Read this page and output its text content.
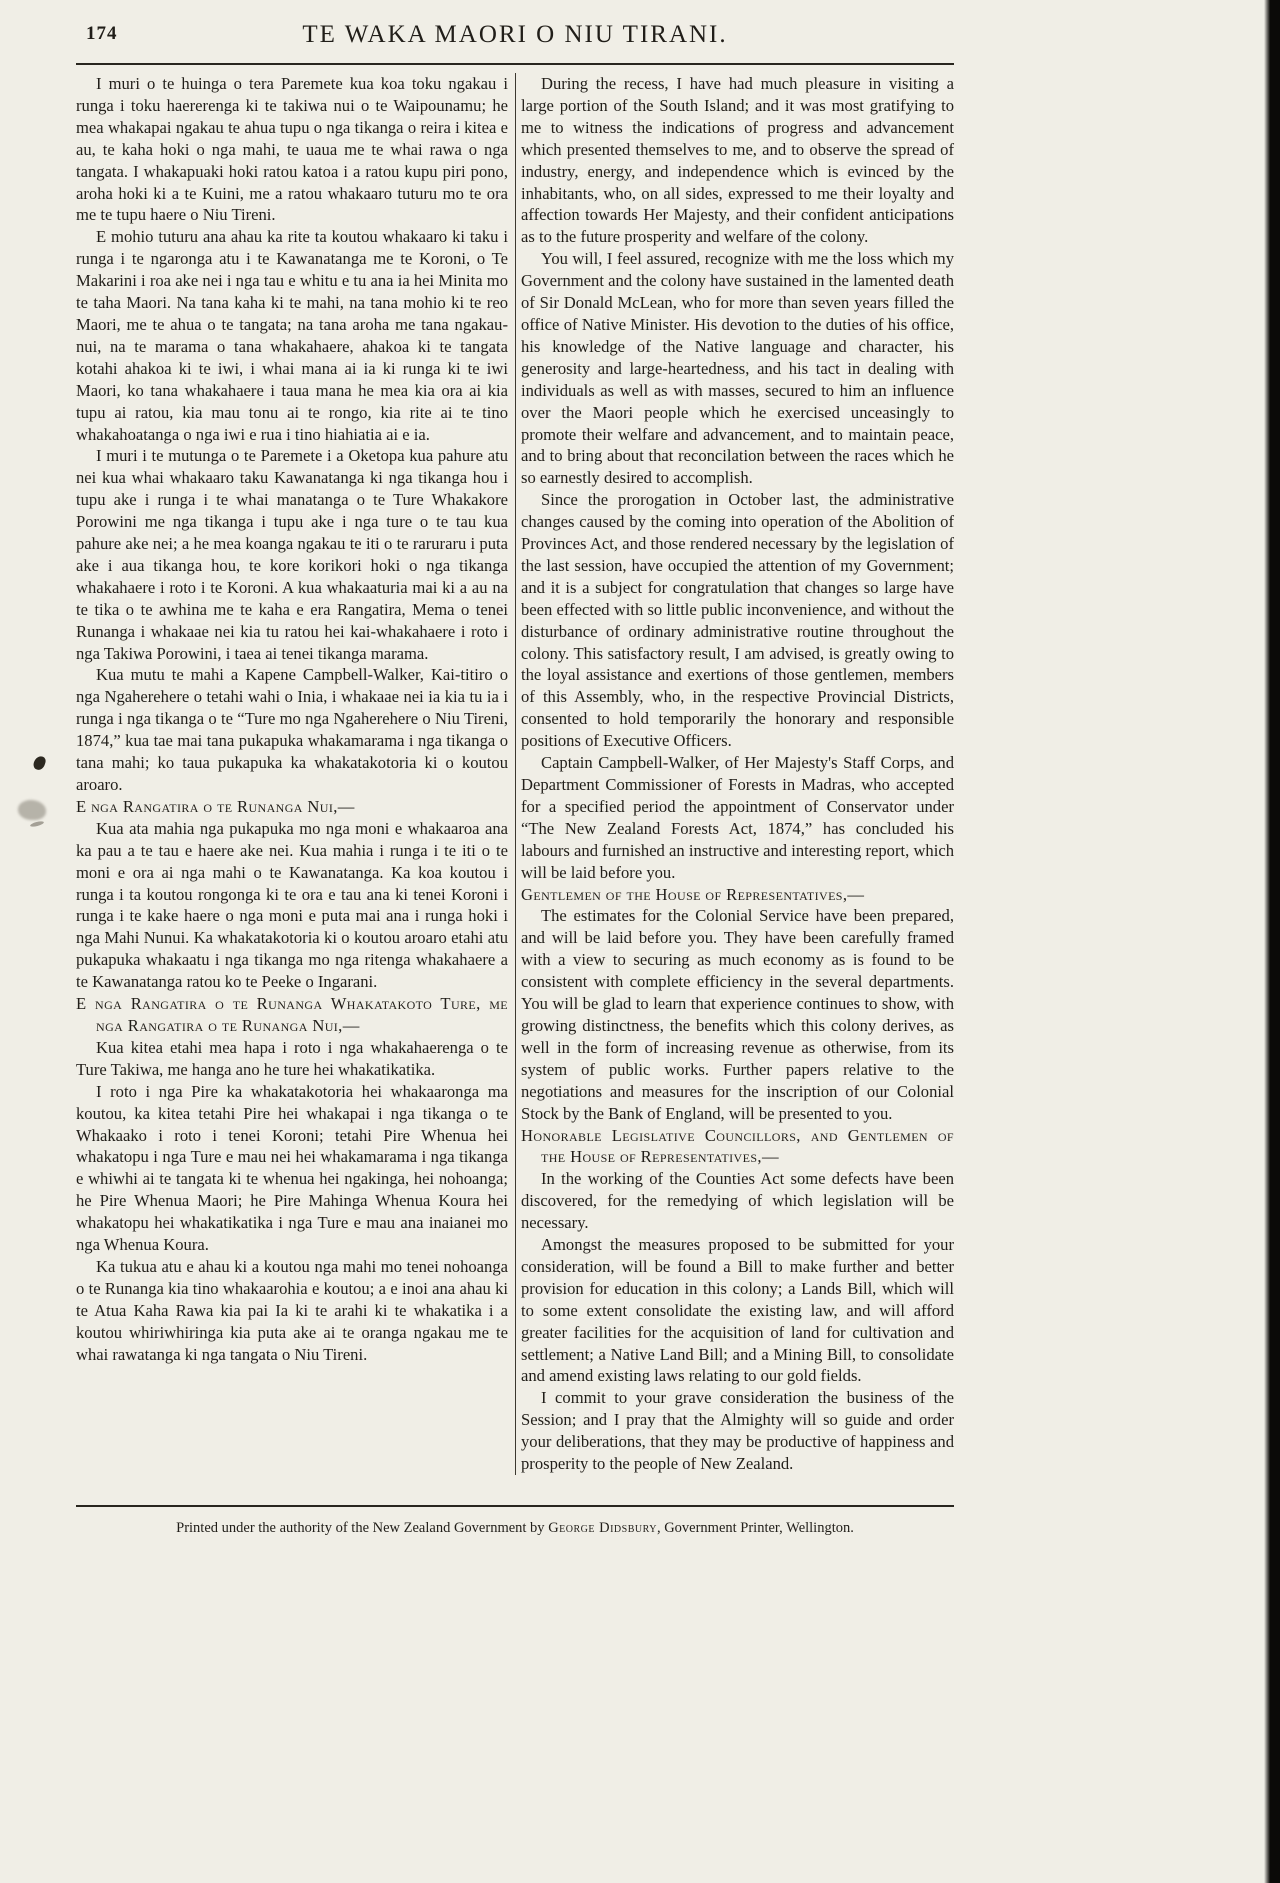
174	TE WAKA MAORI O NIU TIRANI.

I muri o te huinga o tera Paremete kua koa toku ngakau i runga i toku haererenga ki te takiwa nui o te Waipounamu; he mea whakapai ngakau te ahua tupu o nga tikanga o reira i kitea e au, te kaha hoki o nga mahi, te uaua me te whai rawa o nga tangata. I whakapuaki hoki ratou katoa i a ratou kupu piri pono, aroha hoki ki a te Kuini, me a ratou whakaaro tuturu mo te ora me te tupu haere o Niu Tireni.

E mohio tuturu ana ahau ka rite ta koutou whakaaro ki taku i runga i te ngaronga atu i te Kawanatanga me te Koroni, o Te Makarini i roa ake nei i nga tau e whitu e tu ana ia hei Minita mo te taha Maori. Na tana kaha ki te mahi, na tana mohio ki te reo Maori, me te ahua o te tangata; na tana aroha me tana ngakau-nui, na te marama o tana whakahaere, ahakoa ki te tangata kotahi ahakoa ki te iwi, i whai mana ai ia ki runga ki te iwi Maori, ko tana whakahaere i taua mana he mea kia ora ai kia tupu ai ratou, kia mau tonu ai te rongo, kia rite ai te tino whakahoatanga o nga iwi e rua i tino hiahiatia ai e ia.

I muri i te mutunga o te Paremete i a Oketopa kua pahure atu nei kua whai whakaaro taku Kawanatanga ki nga tikanga hou i tupu ake i runga i te whai manatanga o te Ture Whakakore Porowini me nga tikanga i tupu ake i nga ture o te tau kua pahure ake nei; a he mea koanga ngakau te iti o te raruraru i puta ake i aua tikanga hou, te kore korikori hoki o nga tikanga whakahaere i roto i te Koroni. A kua whakaaturia mai ki a au na te tika o te awhina me te kaha e era Rangatira, Mema o tenei Runanga i whakaae nei kia tu ratou hei kai-whakahaere i roto i nga Takiwa Porowini, i taea ai tenei tikanga marama.

Kua mutu te mahi a Kapene Campbell-Walker, Kai-titiro o nga Ngaherehere o tetahi wahi o Inia, i whakaae nei ia kia tu ia i runga i nga tikanga o te “Ture mo nga Ngaherehere o Niu Tireni, 1874,” kua tae mai tana pukapuka whakamarama i nga tikanga o tana mahi; ko taua pukapuka ka whakatakotoria ki o koutou aroaro.

E nga Rangatira o te Runanga Nui,—

Kua ata mahia nga pukapuka mo nga moni e whakaaroa ana ka pau a te tau e haere ake nei. Kua mahia i runga i te iti o te moni e ora ai nga mahi o te Kawanatanga. Ka koa koutou i runga i ta koutou rongonga ki te ora e tau ana ki tenei Koroni i runga i te kake haere o nga moni e puta mai ana i runga hoki i nga Mahi Nunui. Ka whakatakotoria ki o koutou aroaro etahi atu pukapuka whakaatu i nga tikanga mo nga ritenga whakahaere a te Kawanatanga ratou ko te Peeke o Ingarani.

E nga Rangatira o te Runanga Whakatakoto Ture, me nga Rangatira o te Runanga Nui,—

Kua kitea etahi mea hapa i roto i nga whakahaerenga o te Ture Takiwa, me hanga ano he ture hei whakatikatika.

I roto i nga Pire ka whakatakotoria hei whakaaronga ma koutou, ka kitea tetahi Pire hei whakapai i nga tikanga o te Whakaako i roto i tenei Koroni; tetahi Pire Whenua hei whakatopu i nga Ture e mau nei hei whakamarama i nga tikanga e whiwhi ai te tangata ki te whenua hei ngakinga, hei nohoanga; he Pire Whenua Maori; he Pire Mahinga Whenua Koura hei whakatopu hei whakatikatika i nga Ture e mau ana inaianei mo nga Whenua Koura.

Ka tukua atu e ahau ki a koutou nga mahi mo tenei nohoanga o te Runanga kia tino whakaarohia e koutou; a e inoi ana ahau ki te Atua Kaha Rawa kia pai Ia ki te arahi ki te whakatika i a koutou whiriwhiringa kia puta ake ai te oranga ngakau me te whai rawatanga ki nga tangata o Niu Tireni.

During the recess, I have had much pleasure in visiting a large portion of the South Island; and it was most gratifying to me to witness the indications of progress and advancement which presented themselves to me, and to observe the spread of industry, energy, and independence which is evinced by the inhabitants, who, on all sides, expressed to me their loyalty and affection towards Her Majesty, and their confident anticipations as to the future prosperity and welfare of the colony.

You will, I feel assured, recognize with me the loss which my Government and the colony have sustained in the lamented death of Sir Donald McLean, who for more than seven years filled the office of Native Minister. His devotion to the duties of his office, his knowledge of the Native language and character, his generosity and large-heartedness, and his tact in dealing with individuals as well as with masses, secured to him an influence over the Maori people which he exercised unceasingly to promote their welfare and advancement, and to maintain peace, and to bring about that reconcilation between the races which he so earnestly desired to accomplish.

Since the prorogation in October last, the administrative changes caused by the coming into operation of the Abolition of Provinces Act, and those rendered necessary by the legislation of the last session, have occupied the attention of my Government; and it is a subject for congratulation that changes so large have been effected with so little public inconvenience, and without the disturbance of ordinary administrative routine throughout the colony. This satisfactory result, I am advised, is greatly owing to the loyal assistance and exertions of those gentlemen, members of this Assembly, who, in the respective Provincial Districts, consented to hold temporarily the honorary and responsible positions of Executive Officers.

Captain Campbell-Walker, of Her Majesty's Staff Corps, and Department Commissioner of Forests in Madras, who accepted for a specified period the appointment of Conservator under “The New Zealand Forests Act, 1874,” has concluded his labours and furnished an instructive and interesting report, which will be laid before you.

Gentlemen of the House of Representatives,—

The estimates for the Colonial Service have been prepared, and will be laid before you. They have been carefully framed with a view to securing as much economy as is found to be consistent with complete efficiency in the several departments. You will be glad to learn that experience continues to show, with growing distinctness, the benefits which this colony derives, as well in the form of increasing revenue as otherwise, from its system of public works. Further papers relative to the negotiations and measures for the inscription of our Colonial Stock by the Bank of England, will be presented to you.

Honorable Legislative Councillors, and Gentlemen of the House of Representatives,—

In the working of the Counties Act some defects have been discovered, for the remedying of which legislation will be necessary.

Amongst the measures proposed to be submitted for your consideration, will be found a Bill to make further and better provision for education in this colony; a Lands Bill, which will to some extent consolidate the existing law, and will afford greater facilities for the acquisition of land for cultivation and settlement; a Native Land Bill; and a Mining Bill, to consolidate and amend existing laws relating to our gold fields.

I commit to your grave consideration the business of the Session; and I pray that the Almighty will so guide and order your deliberations, that they may be productive of happiness and prosperity to the people of New Zealand.

Printed under the authority of the New Zealand Government by George Didsbury, Government Printer, Wellington.
